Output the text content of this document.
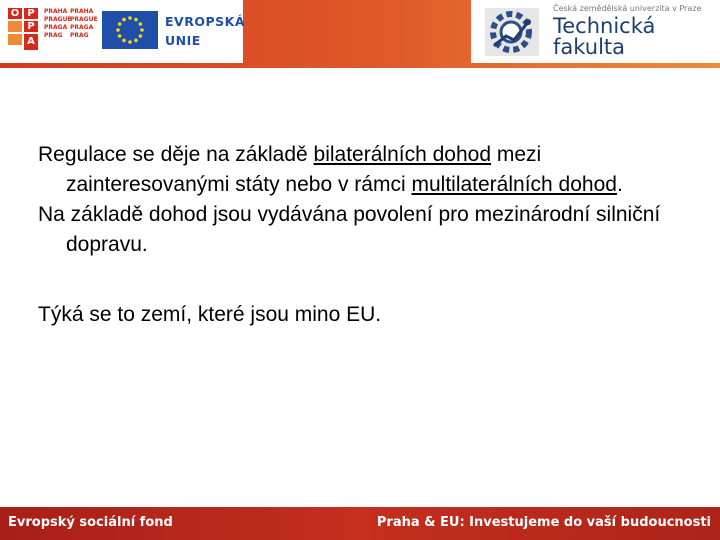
O P
P
A
PRAHA
PRAGUE
PRAGA
PRAG
PRAHA
PRAGUE
PRAGA
PRAG
EVROPSKÁ
UNIE
Česká zemědělská univerzita v Praze
Technická
fakulta

Regulace se děje na základě bilaterálních dohod mezi zainteresovanými státy nebo v rámci multilaterálních dohod.

Na základě dohod jsou vydávána povolení pro mezinárodní silniční dopravu.

Týká se to zemí, které jsou mino EU.

Evropský sociální fond	Praha & EU: Investujeme do vaší budoucnosti
